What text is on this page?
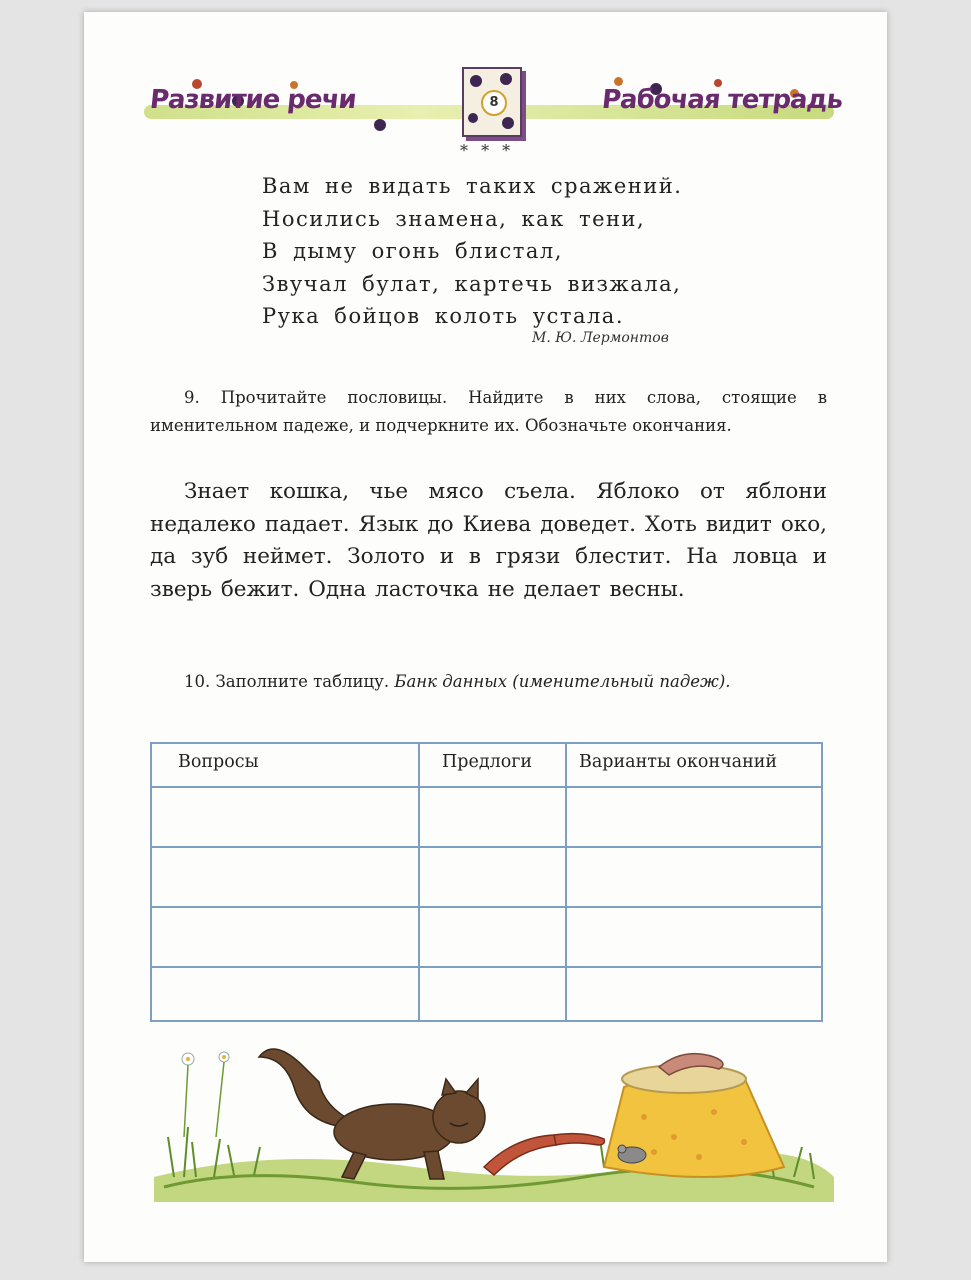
Развитие речи	8	Рабочая тетрадь
* * *
Вам не видать таких сражений.
Носились знамена, как тени,
В дыму огонь блистал,
Звучал булат, картечь визжала,
Рука бойцов колоть устала.
М. Ю. Лермонтов
9. Прочитайте пословицы. Найдите в них слова, стоящие в именительном падеже, и подчеркните их. Обозначьте окончания.
Знает кошка, чье мясо съела. Яблоко от яблони недалеко падает. Язык до Киева доведет. Хоть видит око, да зуб неймет. Золото и в грязи блестит. На ловца и зверь бежит. Одна ласточка не делает весны.
10. Заполните таблицу. Банк данных (именительный падеж).
Вопросы	Предлоги	Варианты окончаний
